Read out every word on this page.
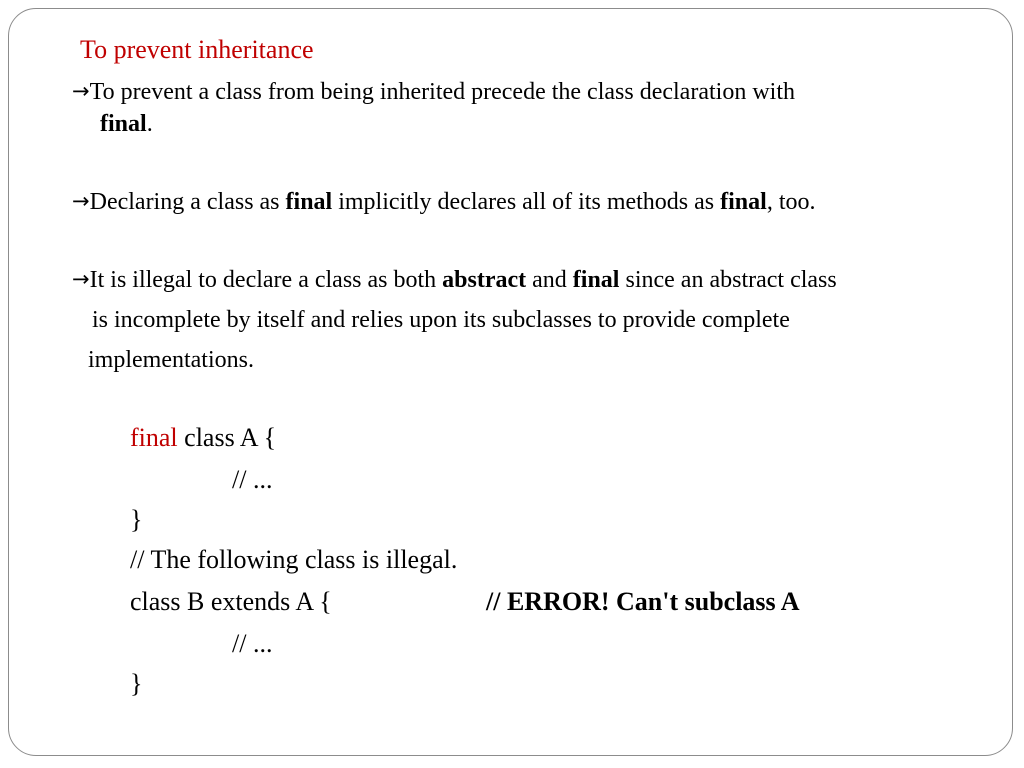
To prevent inheritance
→To prevent a class from being inherited precede the class declaration with
final.
→Declaring a class as final implicitly declares all of its methods as final, too.
→It is illegal to declare a class as both abstract and final since an abstract class
is incomplete by itself and relies upon its subclasses to provide complete
implementations.
final class A {
// ...
}
// The following class is illegal.
class B extends A {	// ERROR! Can't subclass A
// ...
}
